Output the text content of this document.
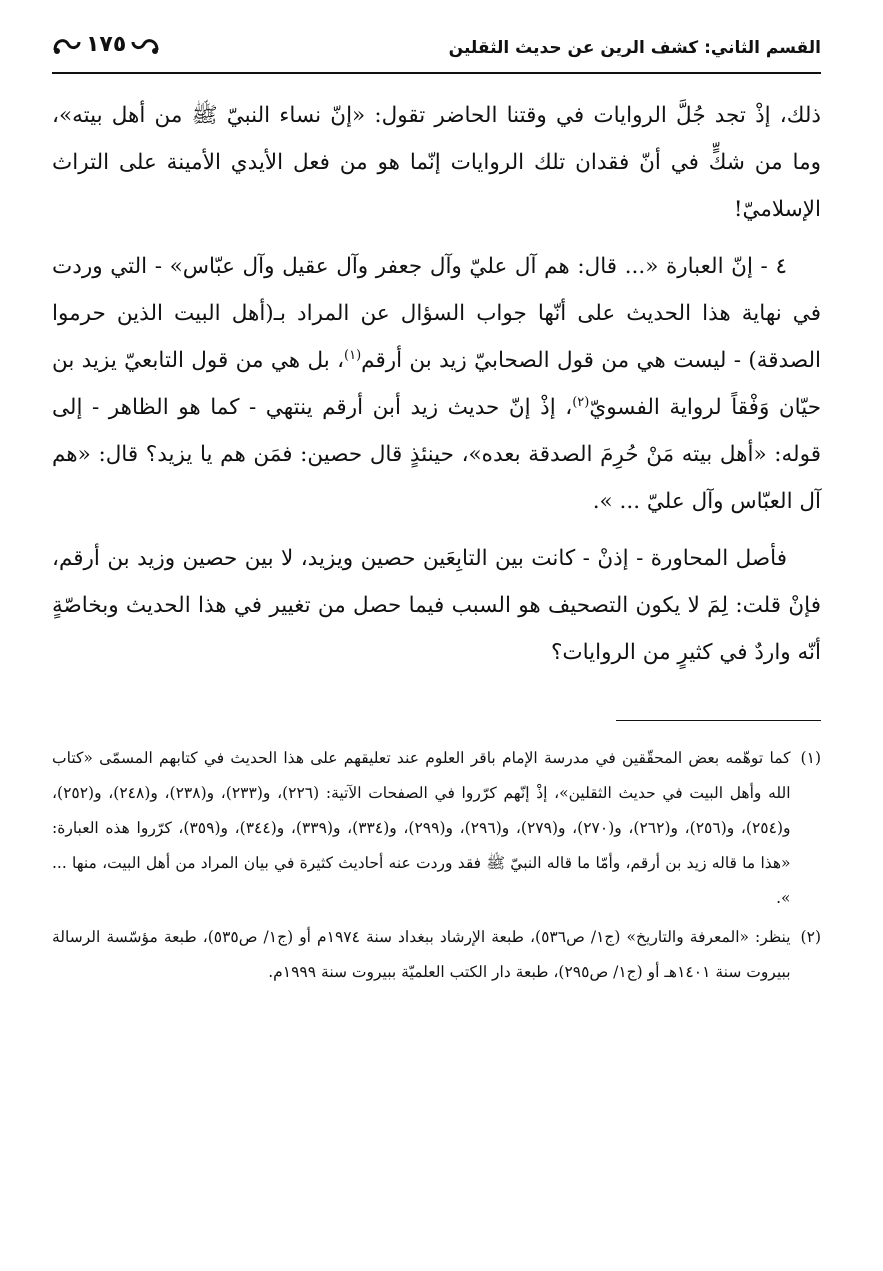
القسم الثاني: كشف الرين عن حديث الثقلين
١٧٥

ذلك، إذْ تجد جُلَّ الروايات في وقتنا الحاضر تقول: «إنّ نساء النبيّ ﷺ من أهل بيته»، وما من شكٍّ في أنّ فقدان تلك الروايات إنّما هو من فعل الأيدي الأمينة على التراث الإسلاميّ!

٤ - إنّ العبارة «... قال: هم آل عليّ وآل جعفر وآل عقيل وآل عبّاس» - التي وردت في نهاية هذا الحديث على أنّها جواب السؤال عن المراد بـ(أهل البيت الذين حرموا الصدقة) - ليست هي من قول الصحابيّ زيد بن أرقم$^{(١)}$، بل هي من قول التابعيّ يزيد بن حيّان وَفْقاً لرواية الفسويّ$^{(٢)}$، إذْ إنّ حديث زيد أبن أرقم ينتهي - كما هو الظاهر - إلى قوله: «أهل بيته مَنْ حُرِمَ الصدقة بعده»، حينئذٍ قال حصين: فمَن هم يا يزيد؟ قال: «هم آل العبّاس وآل عليّ ... ».

فأصل المحاورة - إذنْ - كانت بين التابِعَين حصين ويزيد، لا بين حصين وزيد بن أرقم، فإنْ قلت: لِمَ لا يكون التصحيف هو السبب فيما حصل من تغيير في هذا الحديث وبخاصّةٍ أنّه واردٌ في كثيرٍ من الروايات؟

(١)
كما توهّمه بعض المحقّقين في مدرسة الإمام باقر العلوم عند تعليقهم على هذا الحديث في كتابهم المسمّى «كتاب الله وأهل البيت في حديث الثقلين»، إذْ إنّهم كرّروا في الصفحات الآتية: (٢٢٦)، و(٢٣٣)، و(٢٣٨)، و(٢٤٨)، و(٢٥٢)، و(٢٥٤)، و(٢٥٦)، و(٢٦٢)، و(٢٧٠)، و(٢٧٩)، و(٢٩٦)، و(٢٩٩)، و(٣٣٤)، و(٣٣٩)، و(٣٤٤)، و(٣٥٩)، كرّروا هذه العبارة: «هذا ما قاله زيد بن أرقم، وأمّا ما قاله النبيّ ﷺ فقد وردت عنه أحاديث كثيرة في بيان المراد من أهل البيت، منها ... ».
(٢)
ينظر: «المعرفة والتاريخ» (ج١/ ص٥٣٦)، طبعة الإرشاد ببغداد سنة ١٩٧٤م أو (ج١/ ص٥٣٥)، طبعة مؤسّسة الرسالة ببيروت سنة ١٤٠١هـ أو (ج١/ ص٢٩٥)، طبعة دار الكتب العلميّة ببيروت سنة ١٩٩٩م.
